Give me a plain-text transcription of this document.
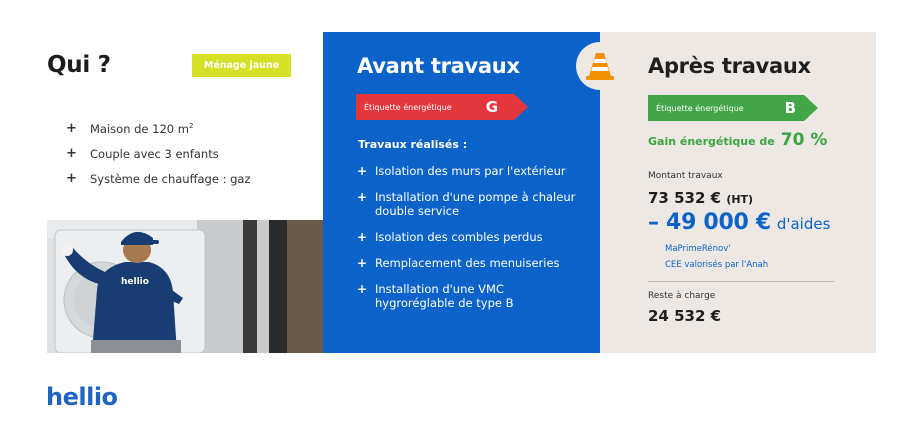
Qui ?	Ménage jaune
+	Maison de 120 $m^2$
+	Couple avec 3 enfants
+	Système de chauffage : gaz
hellio
Avant travaux
Étiquette énergétique G
Travaux réalisés :
+ Isolation des murs par l'extérieur
+ Installation d'une pompe à chaleur double service
+ Isolation des combles perdus
+ Remplacement des menuiseries
+ Installation d'une VMC hygroréglable de type B
Après travaux
Étiquette énergétique	B
Gain énergétique de 70 %
Montant travaux
73 532 € (HT)
– 49 000 € d'aides
MaPrimeRénov'
CEE valorisés par l'Anah
Reste à charge
24 532 €
hellio
